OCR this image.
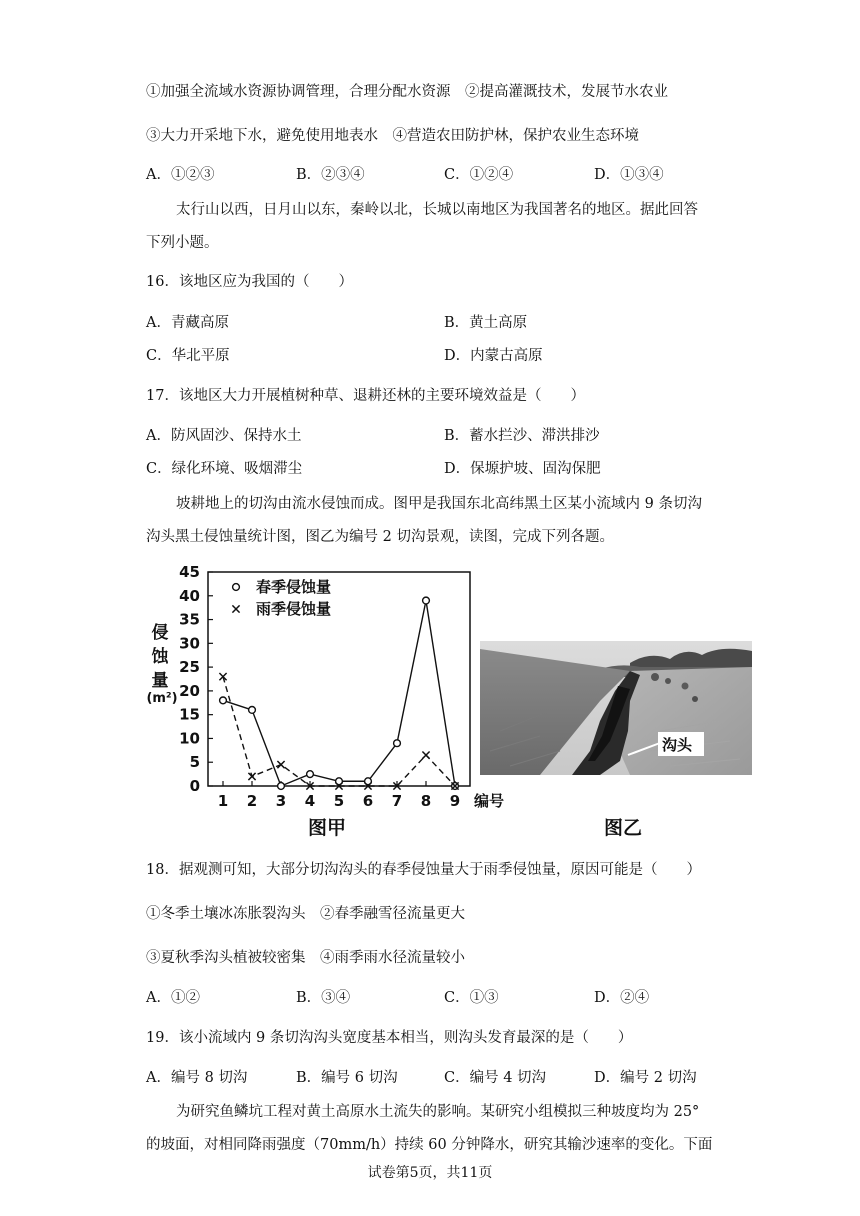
①加强全流域水资源协调管理，合理分配水资源　②提高灌溉技术，发展节水农业
③大力开采地下水，避免使用地表水　④营造农田防护林，保护农业生态环境
A．①②③	B．②③④	C．①②④	D．①③④
太行山以西，日月山以东，秦岭以北，长城以南地区为我国著名的地区。据此回答
下列小题。
16．该地区应为我国的（　　）
A．青藏高原	B．黄土高原
C．华北平原	D．内蒙古高原
17．该地区大力开展植树种草、退耕还林的主要环境效益是（　　）
A．防风固沙、保持水土	B．蓄水拦沙、滞洪排沙
C．绿化环境、吸烟滞尘	D．保塬护坡、固沟保肥
坡耕地上的切沟由流水侵蚀而成。图甲是我国东北高纬黑土区某小流域内 9 条切沟
沟头黑土侵蚀量统计图，图乙为编号 2 切沟景观，读图，完成下列各题。
0
5
10
15
20
25
30
35
40
45
1 2 3 4 5 6 7 8 9 编号
侵
蚀
量
(m²)
春季侵蚀量
雨季侵蚀量
图甲
沟头
图乙
18．据观测可知，大部分切沟沟头的春季侵蚀量大于雨季侵蚀量，原因可能是（　　）
①冬季土壤冰冻胀裂沟头　②春季融雪径流量更大
③夏秋季沟头植被较密集　④雨季雨水径流量较小
A．①②	B．③④	C．①③	D．②④
19．该小流域内 9 条切沟沟头宽度基本相当，则沟头发育最深的是（　　）
A．编号 8 切沟	B．编号 6 切沟	C．编号 4 切沟	D．编号 2 切沟
为研究鱼鳞坑工程对黄土高原水土流失的影响。某研究小组模拟三种坡度均为 25°
的坡面，对相同降雨强度（70mm/h）持续 60 分钟降水，研究其输沙速率的变化。下面
试卷第5页，共11页
